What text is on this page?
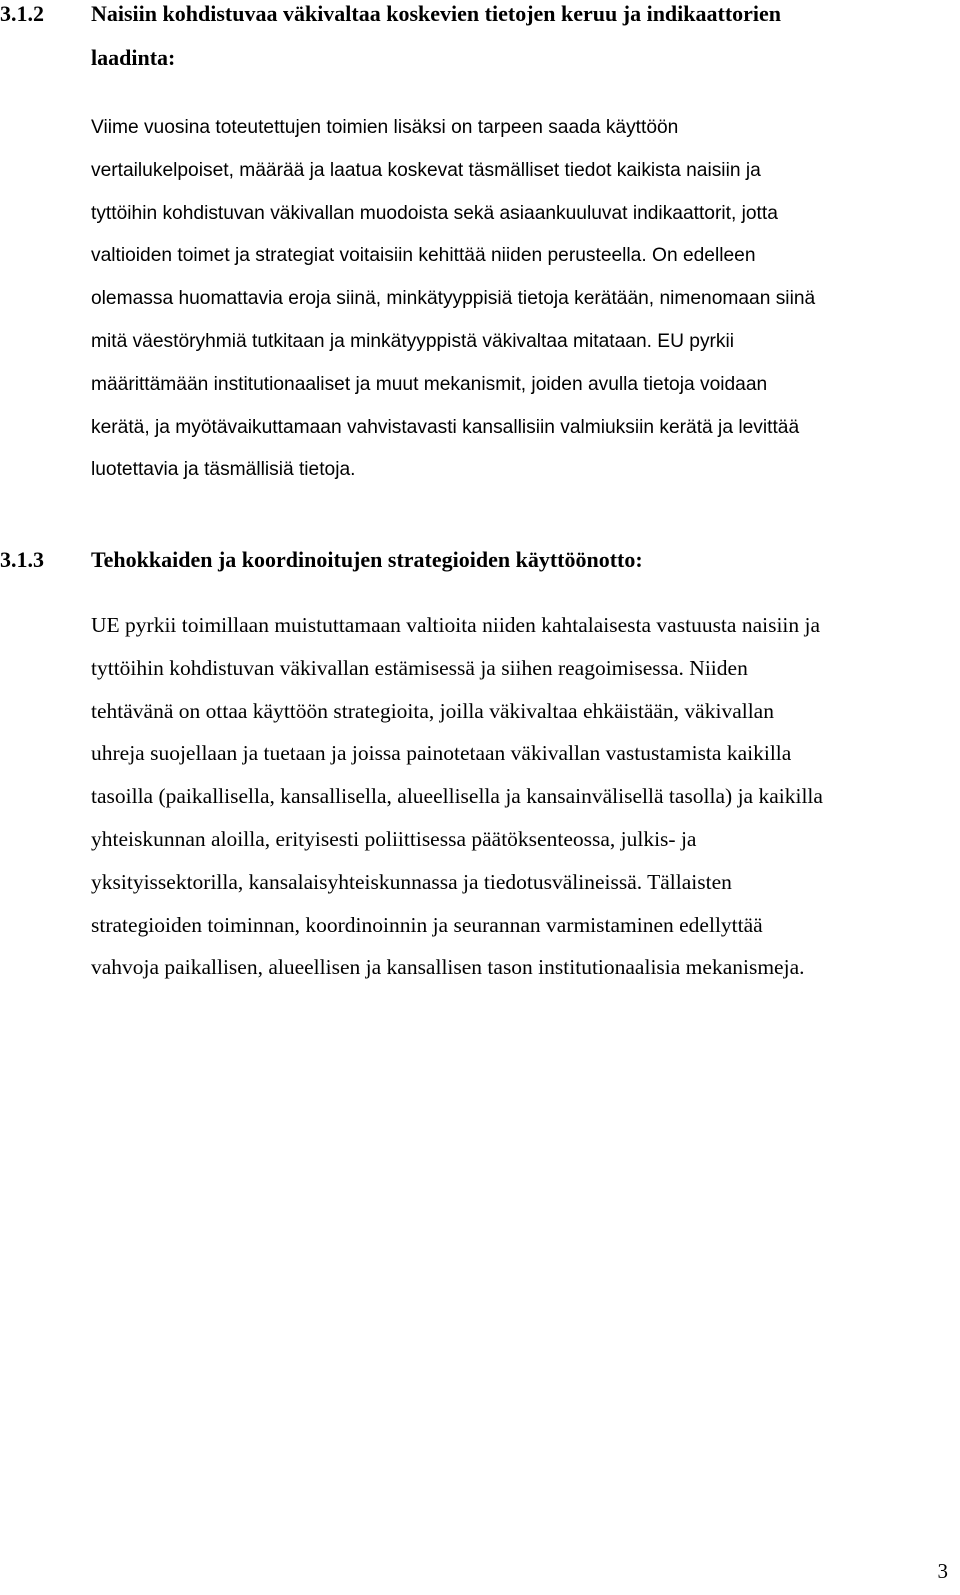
3.1.2 Naisiin kohdistuvaa väkivaltaa koskevien tietojen keruu ja indikaattorien
laadinta:

Viime vuosina toteutettujen toimien lisäksi on tarpeen saada käyttöön
vertailukelpoiset, määrää ja laatua koskevat täsmälliset tiedot kaikista naisiin ja
tyttöihin kohdistuvan väkivallan muodoista sekä asiaankuuluvat indikaattorit, jotta
valtioiden toimet ja strategiat voitaisiin kehittää niiden perusteella. On edelleen
olemassa huomattavia eroja siinä, minkätyyppisiä tietoja kerätään, nimenomaan siinä
mitä väestöryhmiä tutkitaan ja minkätyyppistä väkivaltaa mitataan. EU pyrkii
määrittämään institutionaaliset ja muut mekanismit, joiden avulla tietoja voidaan
kerätä, ja myötävaikuttamaan vahvistavasti kansallisiin valmiuksiin kerätä ja levittää
luotettavia ja täsmällisiä tietoja.

3.1.3 Tehokkaiden ja koordinoitujen strategioiden käyttöönotto:

UE pyrkii toimillaan muistuttamaan valtioita niiden kahtalaisesta vastuusta naisiin ja
tyttöihin kohdistuvan väkivallan estämisessä ja siihen reagoimisessa. Niiden
tehtävänä on ottaa käyttöön strategioita, joilla väkivaltaa ehkäistään, väkivallan
uhreja suojellaan ja tuetaan ja joissa painotetaan väkivallan vastustamista kaikilla
tasoilla (paikallisella, kansallisella, alueellisella ja kansainvälisellä tasolla) ja kaikilla
yhteiskunnan aloilla, erityisesti poliittisessa päätöksenteossa, julkis- ja
yksityissektorilla, kansalaisyhteiskunnassa ja tiedotusvälineissä. Tällaisten
strategioiden toiminnan, koordinoinnin ja seurannan varmistaminen edellyttää
vahvoja paikallisen, alueellisen ja kansallisen tason institutionaalisia mekanismeja.

3
